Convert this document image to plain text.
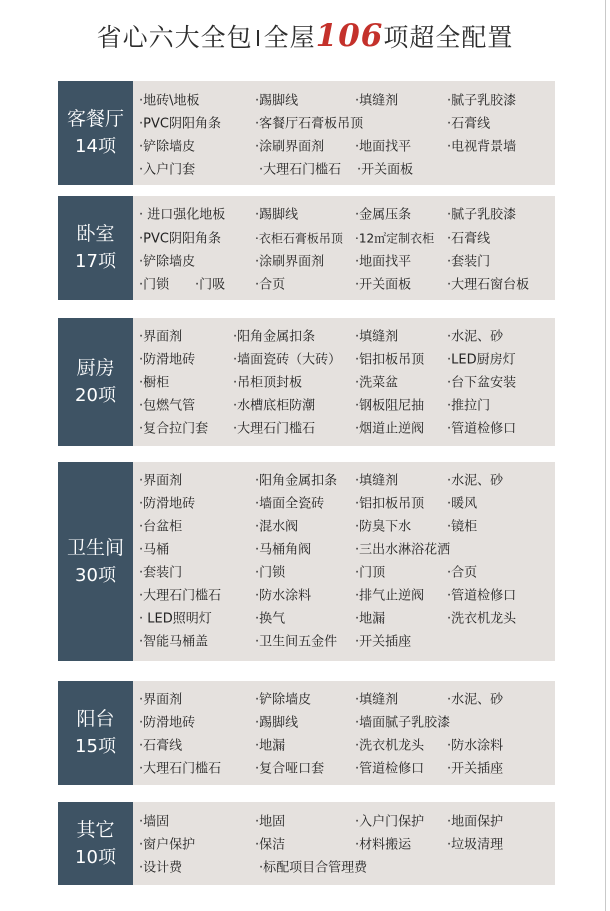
省心六大全包 全屋106项超全配置
客餐厅
14项
·地砖\地板	·踢脚线	·填缝剂	·腻子乳胶漆
·PVC阴阳角条	·客餐厅石膏板吊顶	·石膏线
·铲除墙皮	·涂刷界面剂 ·地面找平	·电视背景墙
·入户门套	·大理石门槛石 ·开关面板
卧室
17项
· 进口强化地板 ·踢脚线	·金属压条	·腻子乳胶漆
·PVC阴阳角条	·衣柜石膏板吊顶 ·12㎡定制衣柜 ·石膏线
·铲除墙皮	·涂刷界面剂 ·地面找平	·套装门
·门锁 ·门吸 ·合页	·开关面板	·大理石窗台板
厨房
20项
·界面剂	·阳角金属扣条	·填缝剂	·水泥、砂
·防滑地砖	·墙面瓷砖（大砖） ·铝扣板吊顶 ·LED厨房灯
·橱柜	·吊柜顶封板	·洗菜盆	·台下盆安装
·包燃气管	·水槽底柜防潮	·钢板阻尼抽 ·推拉门
·复合拉门套 ·大理石门槛石	·烟道止逆阀 ·管道检修口
卫生间
30项
·界面剂	·阳角金属扣条 ·填缝剂	·水泥、砂
·防滑地砖	·墙面全瓷砖 ·铝扣板吊顶 ·暖风
·台盆柜	·混水阀	·防臭下水	·镜柜
·马桶	·马桶角阀	·三出水淋浴花洒
·套装门	·门锁	·门顶	·合页
·大理石门槛石	·防水涂料	·排气止逆阀 ·管道检修口
· LED照明灯	·换气	·地漏	·洗衣机龙头
·智能马桶盖	·卫生间五金件 ·开关插座
阳台
15项
·界面剂	·铲除墙皮	·填缝剂	·水泥、砂
·防滑地砖	·踢脚线	·墙面腻子乳胶漆
·石膏线	·地漏	·洗衣机龙头 ·防水涂料
·大理石门槛石	·复合哑口套 ·管道检修口 ·开关插座
其它
10项
·墙固	·地固	·入户门保护 ·地面保护
·窗户保护	·保洁	·材料搬运	·垃圾清理
·设计费	·标配项目合管理费
